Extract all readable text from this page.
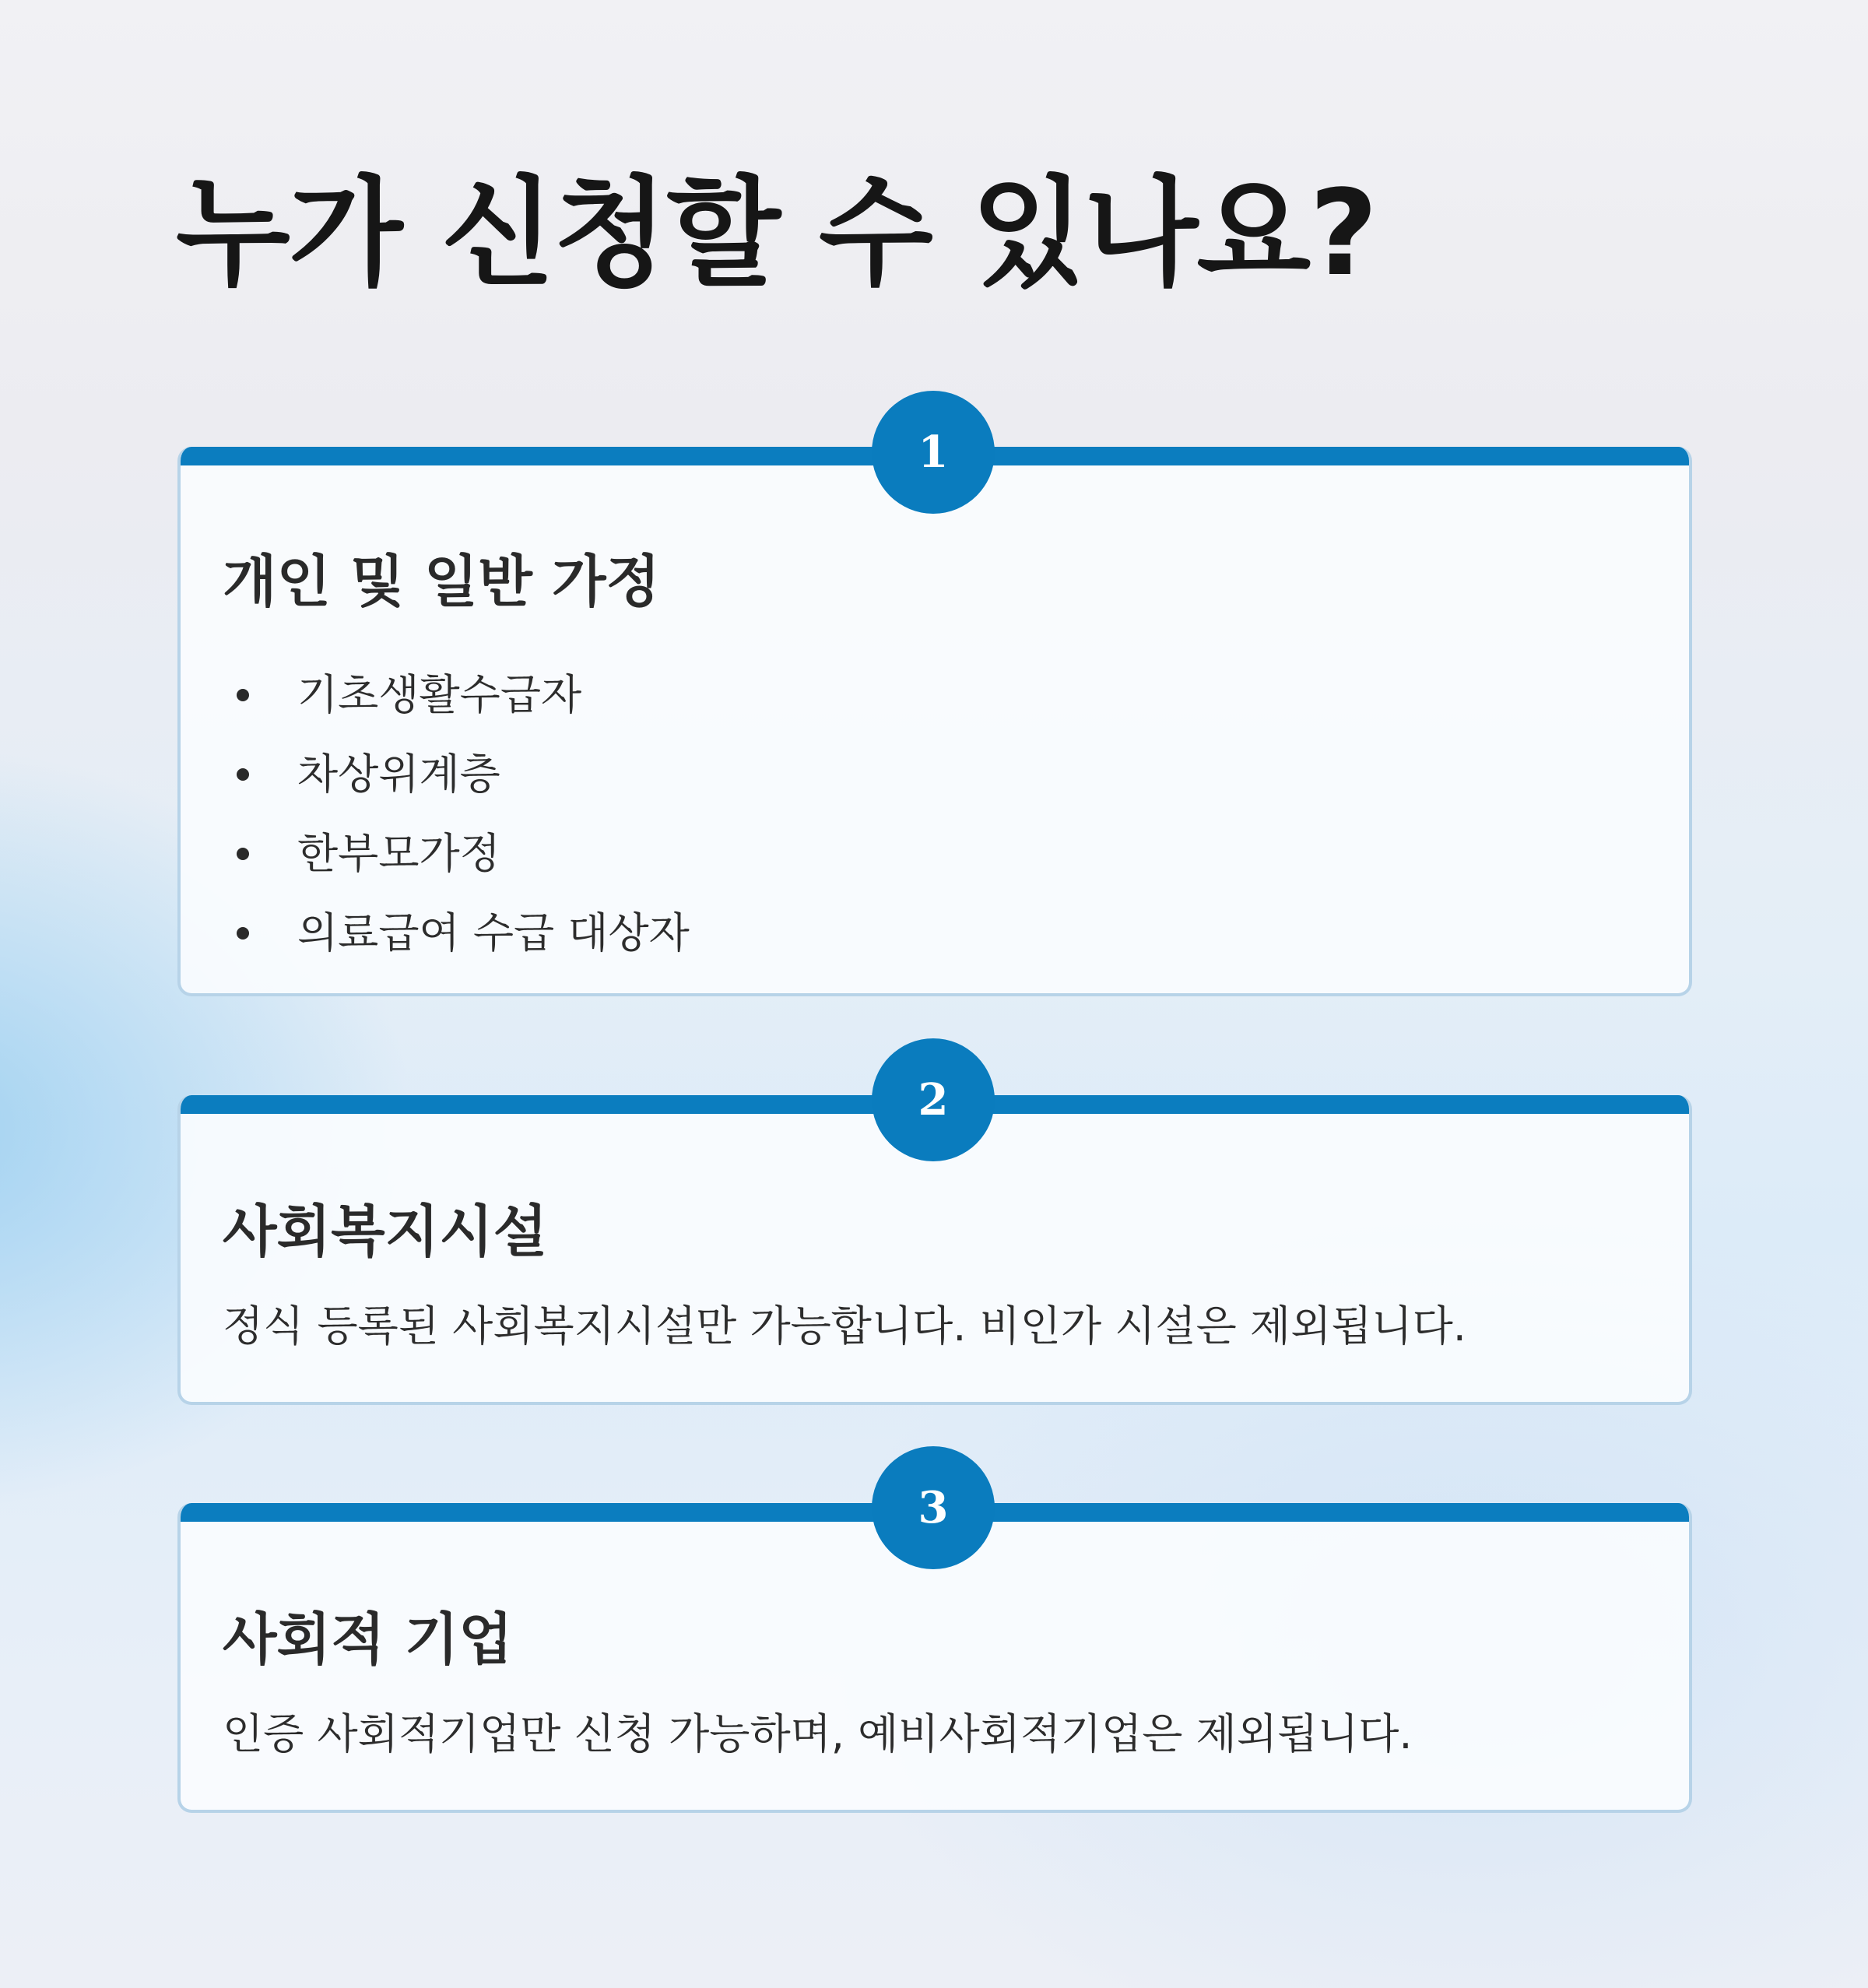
누가 신청할 수 있나요?
1
개인 및 일반 가정
기초생활수급자
차상위계층
한부모가정
의료급여 수급 대상자
2
사회복지시설

정식 등록된 사회복지시설만 가능합니다. 비인가 시설은 제외됩니다.

3
사회적 기업

인증 사회적기업만 신청 가능하며, 예비사회적기업은 제외됩니다.
